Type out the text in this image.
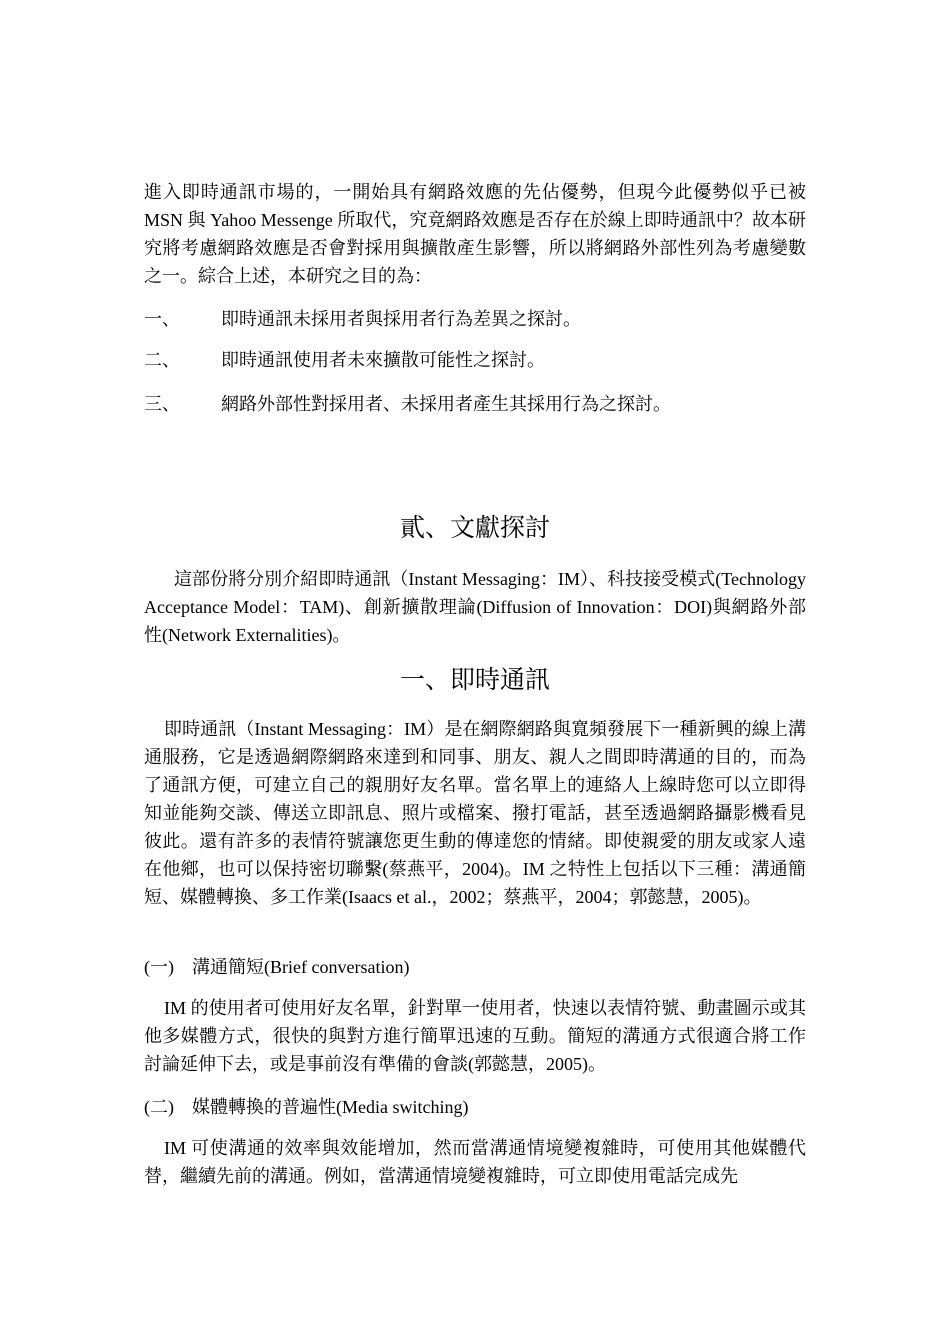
進入即時通訊市場的，一開始具有網路效應的先佔優勢，但現今此優勢似乎已被 MSN 與 Yahoo Messenge 所取代，究竟網路效應是否存在於線上即時通訊中？故本研究將考慮網路效應是否會對採用與擴散產生影響，所以將網路外部性列為考慮變數之一。綜合上述，本研究之目的為：

一、	即時通訊未採用者與採用者行為差異之探討。
二、	即時通訊使用者未來擴散可能性之探討。
三、	網路外部性對採用者、未採用者產生其採用行為之探討。
貳、文獻探討

這部份將分別介紹即時通訊（Instant Messaging：IM）、科技接受模式(Technology Acceptance Model：TAM)、創新擴散理論(Diffusion of Innovation：DOI)與網路外部性(Network Externalities)。

一、即時通訊

即時通訊（Instant Messaging：IM）是在網際網路與寬頻發展下一種新興的線上溝通服務，它是透過網際網路來達到和同事、朋友、親人之間即時溝通的目的，而為了通訊方便，可建立自己的親朋好友名單。當名單上的連絡人上線時您可以立即得知並能夠交談、傳送立即訊息、照片或檔案、撥打電話，甚至透過網路攝影機看見彼此。還有許多的表情符號讓您更生動的傳達您的情緒。即使親愛的朋友或家人遠在他鄉，也可以保持密切聯繫(蔡燕平，2004)。IM 之特性上包括以下三種：溝通簡短、媒體轉換、多工作業(Isaacs et al.，2002；蔡燕平，2004；郭懿慧，2005)。

(一)	溝通簡短(Brief conversation)

IM 的使用者可使用好友名單，針對單一使用者，快速以表情符號、動畫圖示或其他多媒體方式，很快的與對方進行簡單迅速的互動。簡短的溝通方式很適合將工作討論延伸下去，或是事前沒有準備的會談(郭懿慧，2005)。

(二)	媒體轉換的普遍性(Media switching)

IM 可使溝通的效率與效能增加，然而當溝通情境變複雜時，可使用其他媒體代替，繼續先前的溝通。例如，當溝通情境變複雜時，可立即使用電話完成先
